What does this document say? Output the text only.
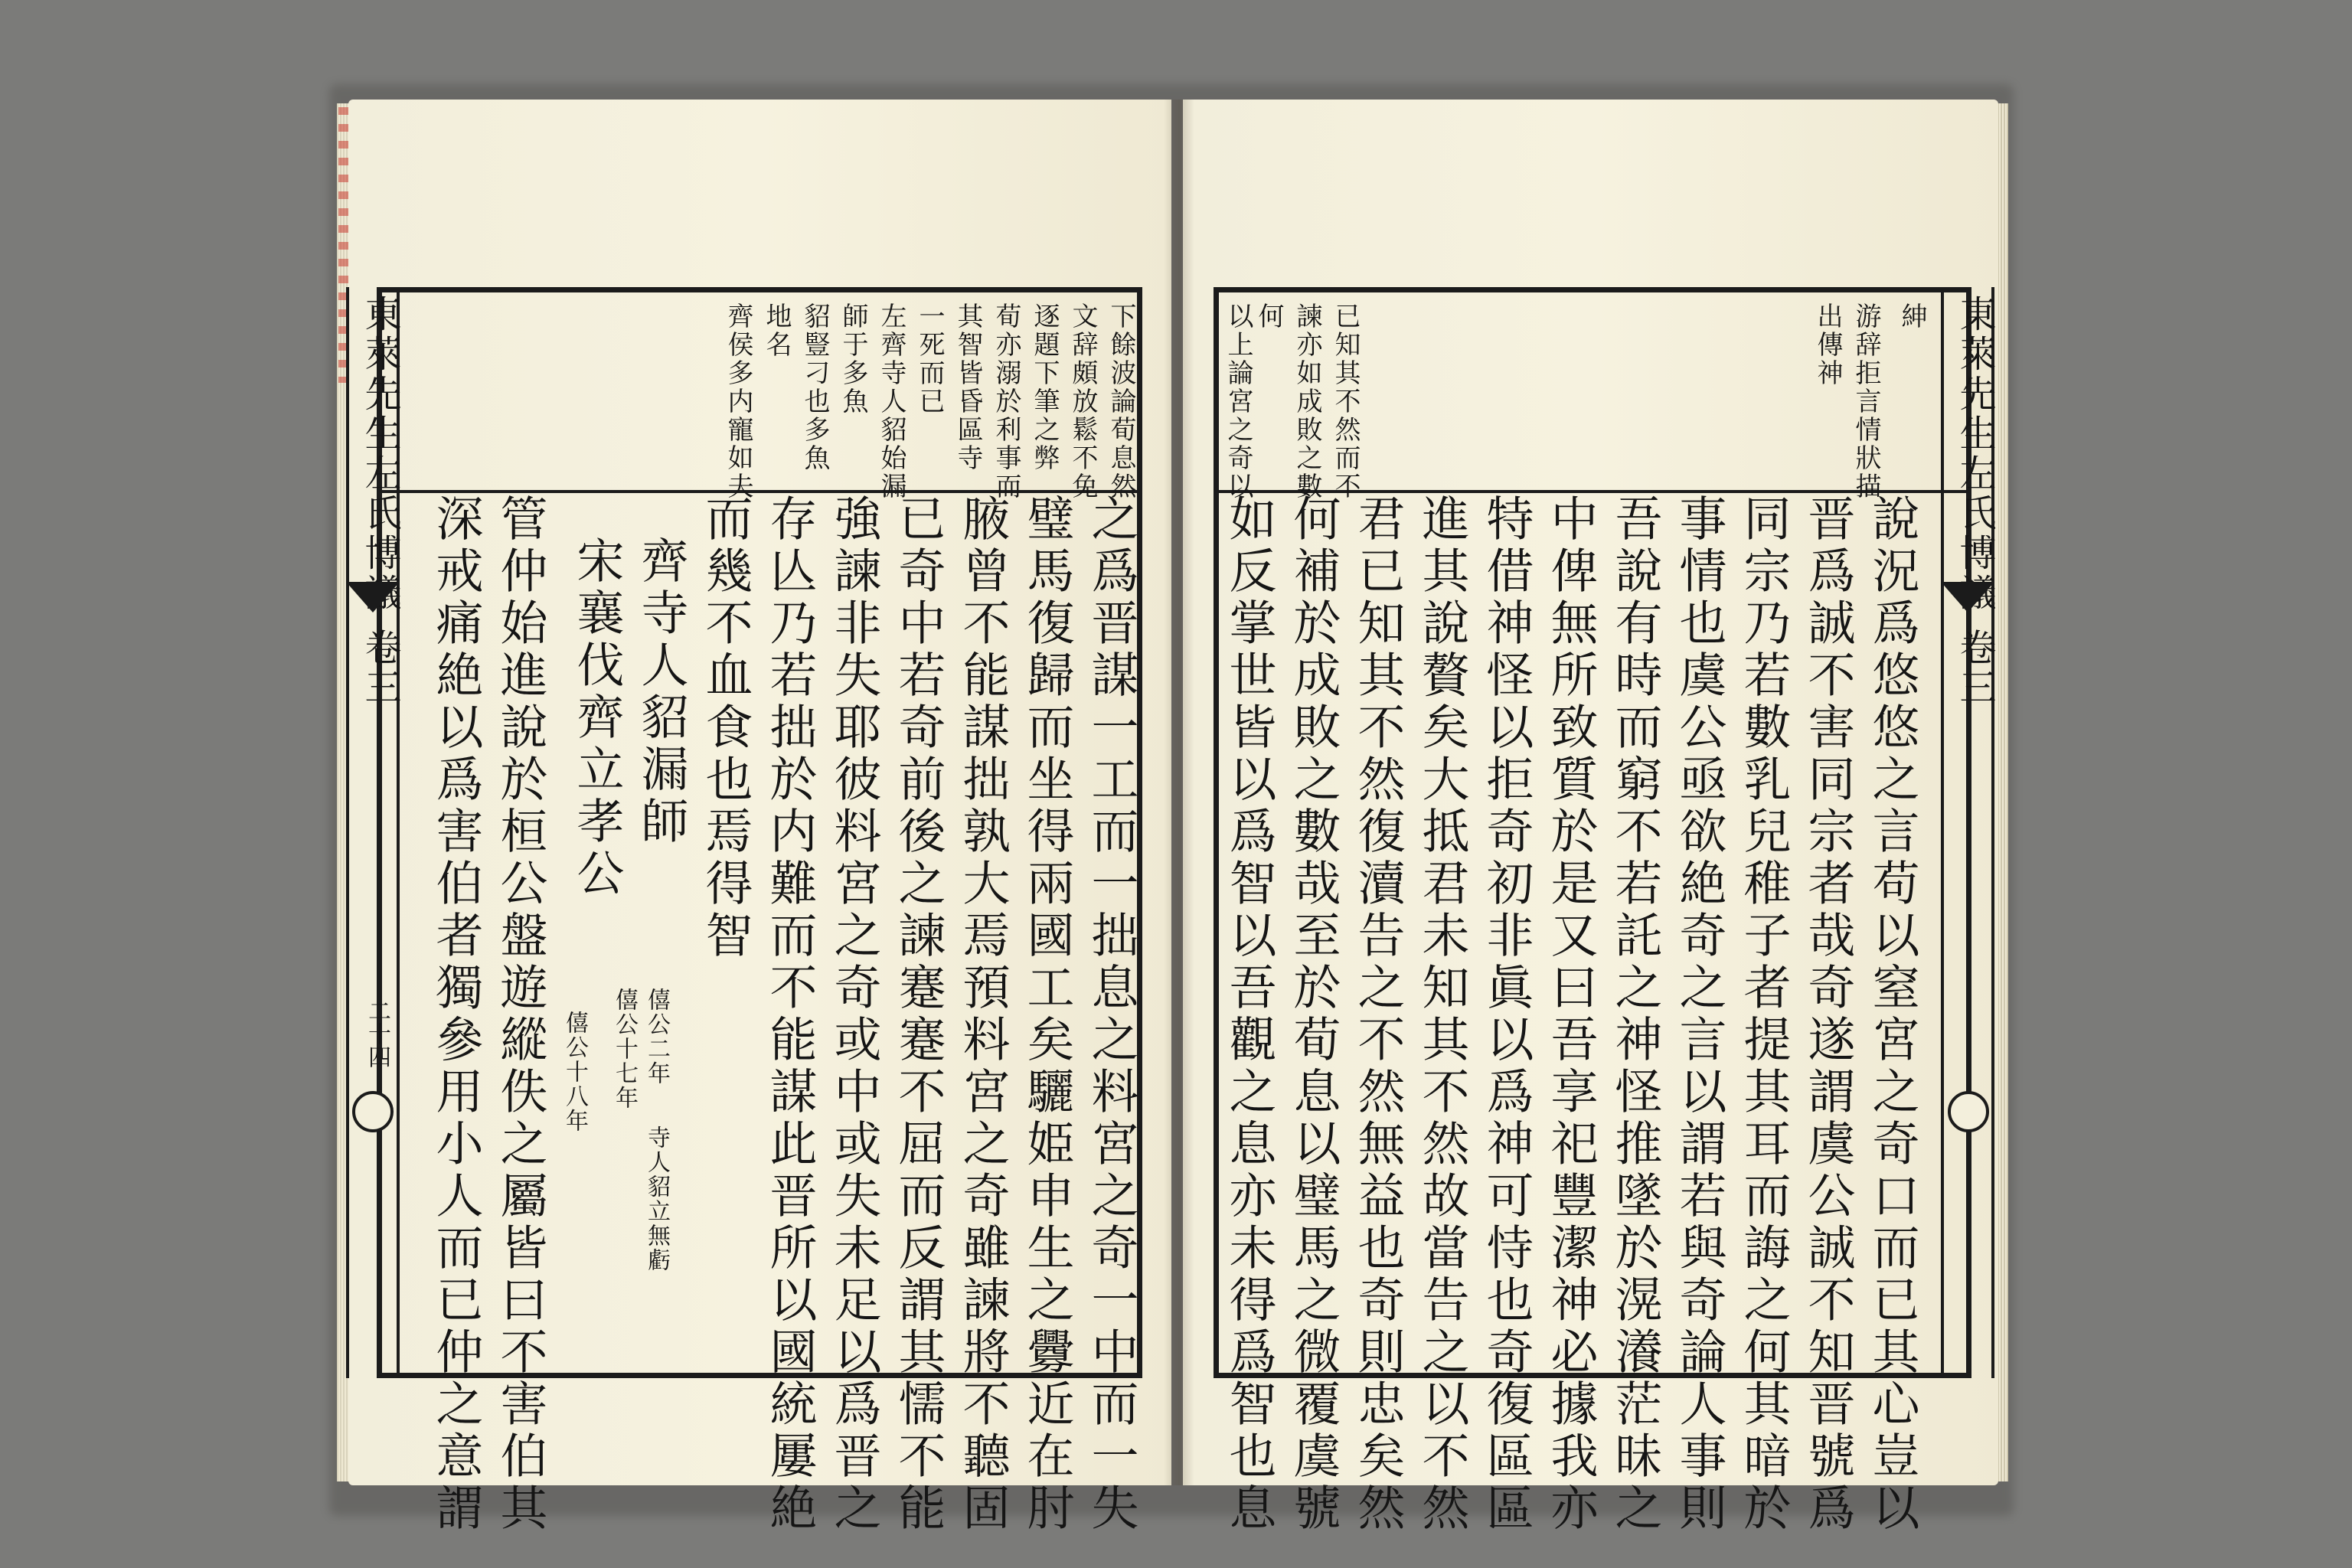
東萊先生左氏博議 卷三
二十四
下餘波論荀息然
文辞頗放鬆不免
逐題下筆之弊
荀亦溺於利事而
其智皆昏區寺
一死而已
左齊寺人貂始漏
師于多魚
貂豎刁也多魚
地名
齊侯多内寵如夫
之爲晋謀一工而一拙息之料宮之奇一中而一失
璧馬復歸而坐得兩國工矣驪姫申生之釁近在肘
腋曾不能謀拙孰大焉預料宮之奇雖諫將不聽固
已奇中若奇前後之諫蹇蹇不屈而反謂其懦不能
強諫非失耶彼料宮之奇或中或失未足以爲晋之
存亾乃若拙於内難而不能謀此晋所以國統屢絶
而幾不血食也焉得智
齊寺人貂漏師
僖公二年
寺人貂立無虧
僖公十七年
宋襄伐齊立孝公
僖公十八年
管仲始進說於桓公盤遊縱佚之屬皆曰不害伯其
深戒痛絶以爲害伯者獨參用小人而已仲之意謂	東萊先生左氏博議 卷三
紳
游辞拒言情狀描
出傳神
已知其不然而不
諫亦如成敗之數
何
以上論宮之奇以
說況爲悠悠之言苟以窒宮之奇口而已其心豈以
晋爲誠不害同宗者哉奇遂謂虞公誠不知晋號爲
同宗乃若數乳兒稚子者提其耳而誨之何其暗於
事情也虞公亟欲絶奇之言以謂若與奇論人事則
吾說有時而窮不若託之神怪推墜於滉瀁茫昧之
中俾無所致質於是又曰吾享祀豐潔神必據我亦
特借神怪以拒奇初非眞以爲神可恃也奇復區區
進其說贅矣大抵君未知其不然故當告之以不然
君已知其不然復瀆告之不然無益也奇則忠矣然
何補於成敗之數哉至於荀息以璧馬之微覆虞號
如反掌世皆以爲智以吾觀之息亦未得爲智也息
